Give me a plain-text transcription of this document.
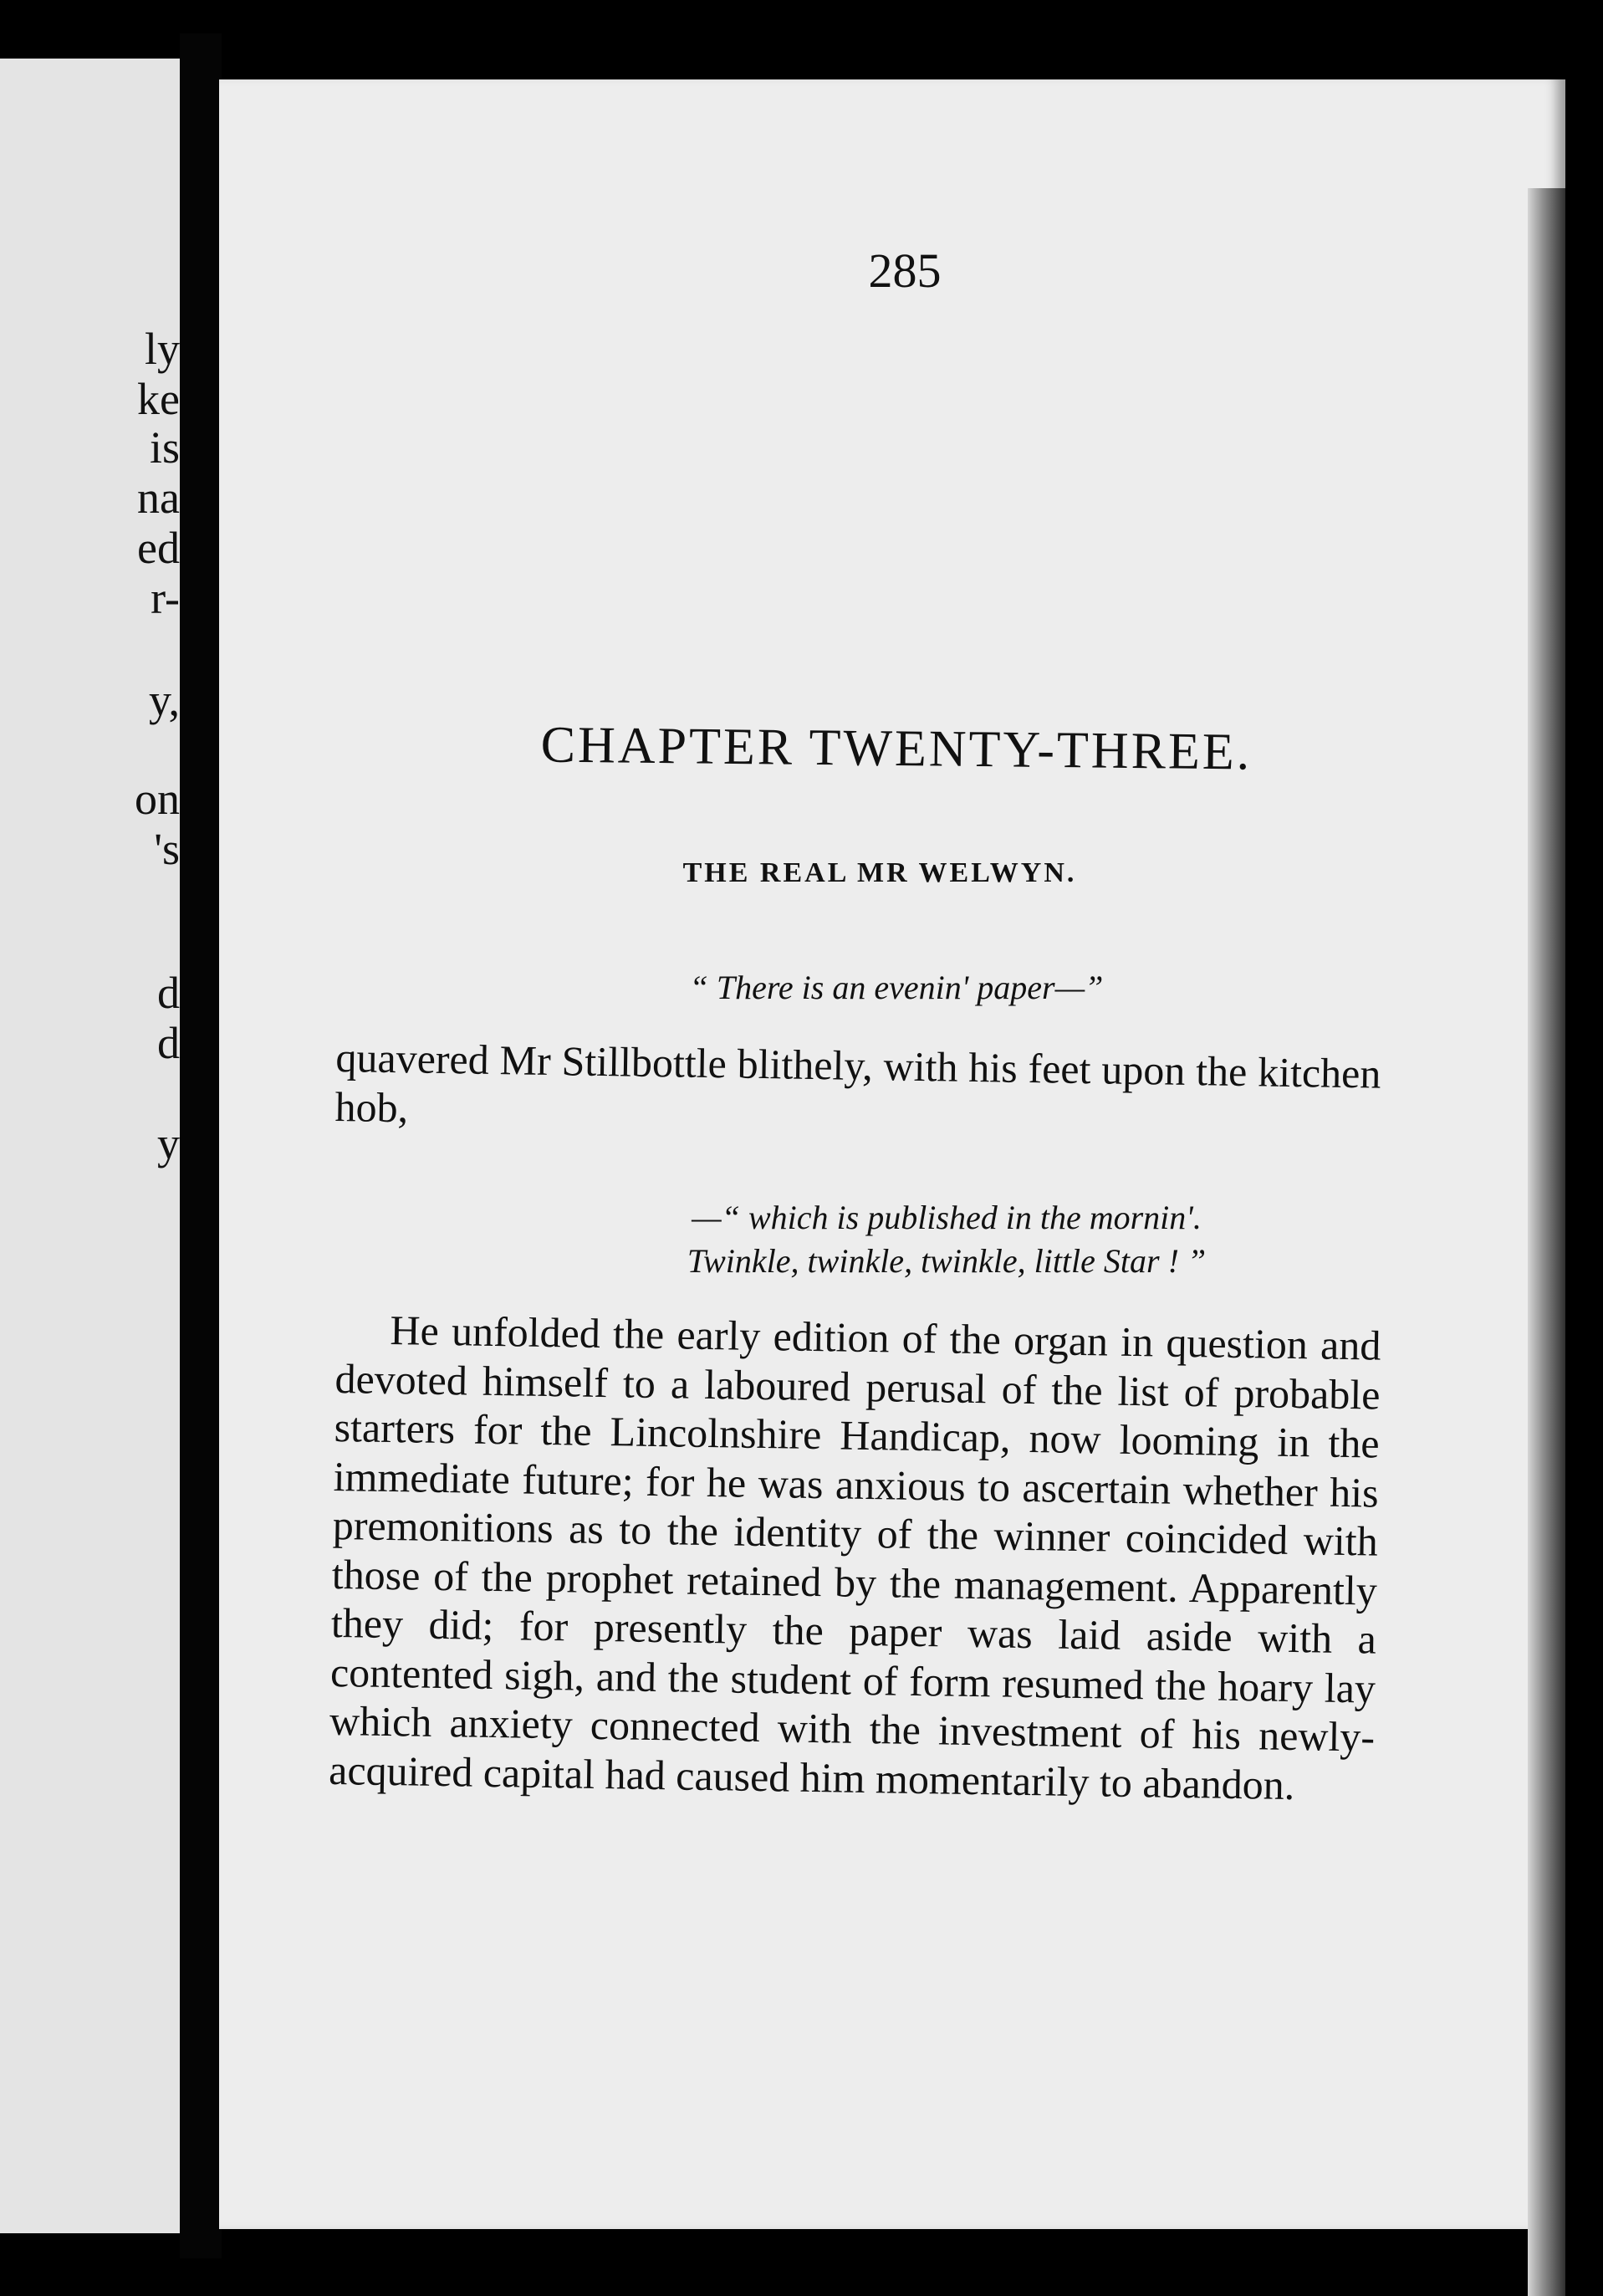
ly
ke
is
na
ed
r-
y,
on
's
d
d
y
285
CHAPTER TWENTY-THREE.
THE REAL MR WELWYN.
“ There is an evenin' paper—”

quavered Mr Stillbottle blithely, with his feet upon the kitchen hob,

—“ which is published in the mornin'.
Twinkle, twinkle, twinkle, little Star ! ”

He unfolded the early edition of the organ in question and devoted himself to a laboured perusal of the list of probable starters for the Lincolnshire Handicap, now looming in the immediate future; for he was anxious to ascertain whether his premonitions as to the identity of the winner coincided with those of the prophet retained by the management. Apparently they did; for presently the paper was laid aside with a contented sigh, and the student of form resumed the hoary lay which anxiety connected with the investment of his newly-acquired capital had caused him momentarily to abandon.
